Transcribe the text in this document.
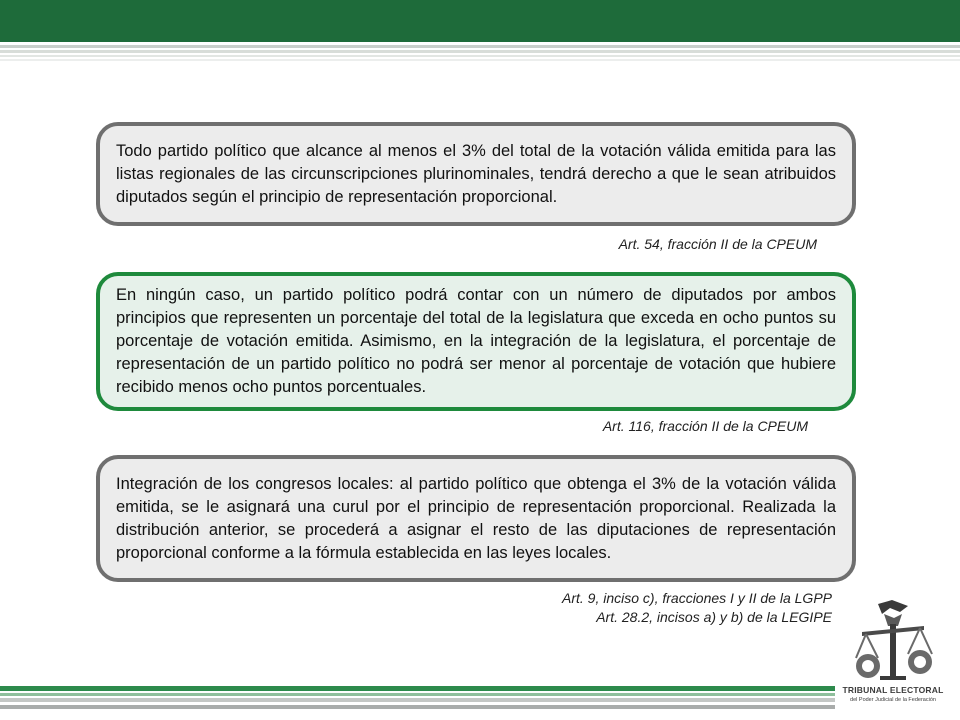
Todo partido político que alcance al menos el 3% del total de la votación válida emitida para las listas regionales de las circunscripciones plurinominales, tendrá derecho a que le sean atribuidos diputados según el principio de representación proporcional.

Art. 54, fracción II de la CPEUM

En ningún caso, un partido político podrá contar con un número de diputados por ambos principios que representen un porcentaje del total de la legislatura que exceda en ocho puntos su porcentaje de votación emitida. Asimismo, en la integración de la legislatura, el porcentaje de representación de un partido político no podrá ser menor al porcentaje de votación que hubiere recibido menos ocho puntos porcentuales.

Art. 116, fracción II de la CPEUM

Integración de los congresos locales: al partido político que obtenga el 3% de la votación válida emitida, se le asignará una curul por el principio de representación proporcional. Realizada la distribución anterior, se procederá a asignar el resto de las diputaciones de representación proporcional conforme a la fórmula establecida en las leyes locales.

Art. 9, inciso c), fracciones I y II de la LGPP
Art. 28.2, incisos a) y b) de la LEGIPE
TRIBUNAL ELECTORAL
del Poder Judicial de la Federación
